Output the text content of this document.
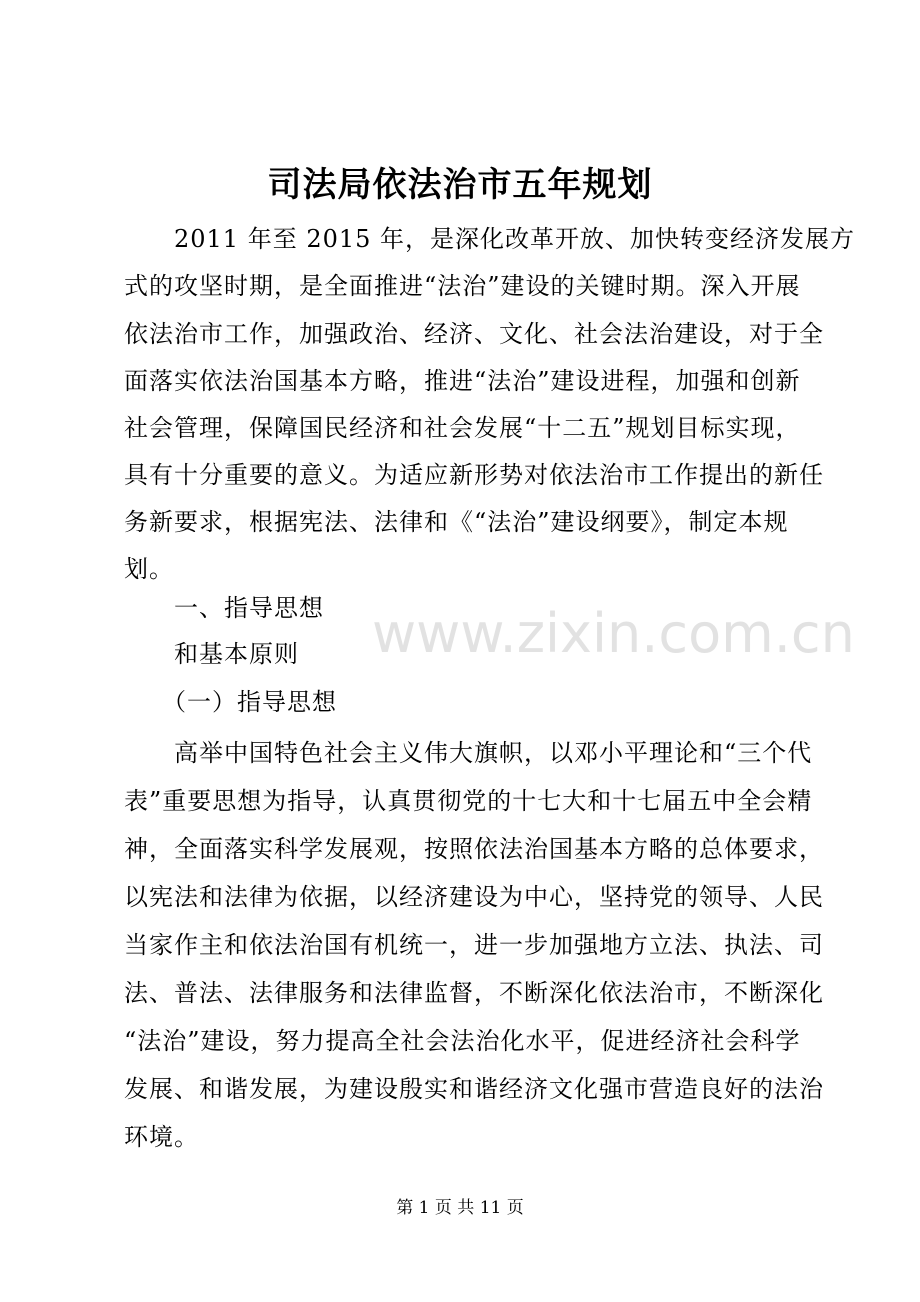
司法局依法治市五年规划
　　2011 年至 2015 年，是深化改革开放、加快转变经济发展方
式的攻坚时期，是全面推进“法治”建设的关键时期。深入开展
依法治市工作，加强政治、经济、文化、社会法治建设，对于全
面落实依法治国基本方略，推进“法治”建设进程，加强和创新
社会管理，保障国民经济和社会发展“十二五”规划目标实现，
具有十分重要的意义。为适应新形势对依法治市工作提出的新任
务新要求，根据宪法、法律和《“法治”建设纲要》，制定本规
划。
　　一、指导思想
　　和基本原则
　　（一）指导思想
　　高举中国特色社会主义伟大旗帜，以邓小平理论和“三个代
表”重要思想为指导，认真贯彻党的十七大和十七届五中全会精
神，全面落实科学发展观，按照依法治国基本方略的总体要求，
以宪法和法律为依据，以经济建设为中心，坚持党的领导、人民
当家作主和依法治国有机统一，进一步加强地方立法、执法、司
法、普法、法律服务和法律监督，不断深化依法治市，不断深化
“法治”建设，努力提高全社会法治化水平，促进经济社会科学
发展、和谐发展，为建设殷实和谐经济文化强市营造良好的法治
环境。
www.zixin.com.cn
第 1 页 共 11 页
